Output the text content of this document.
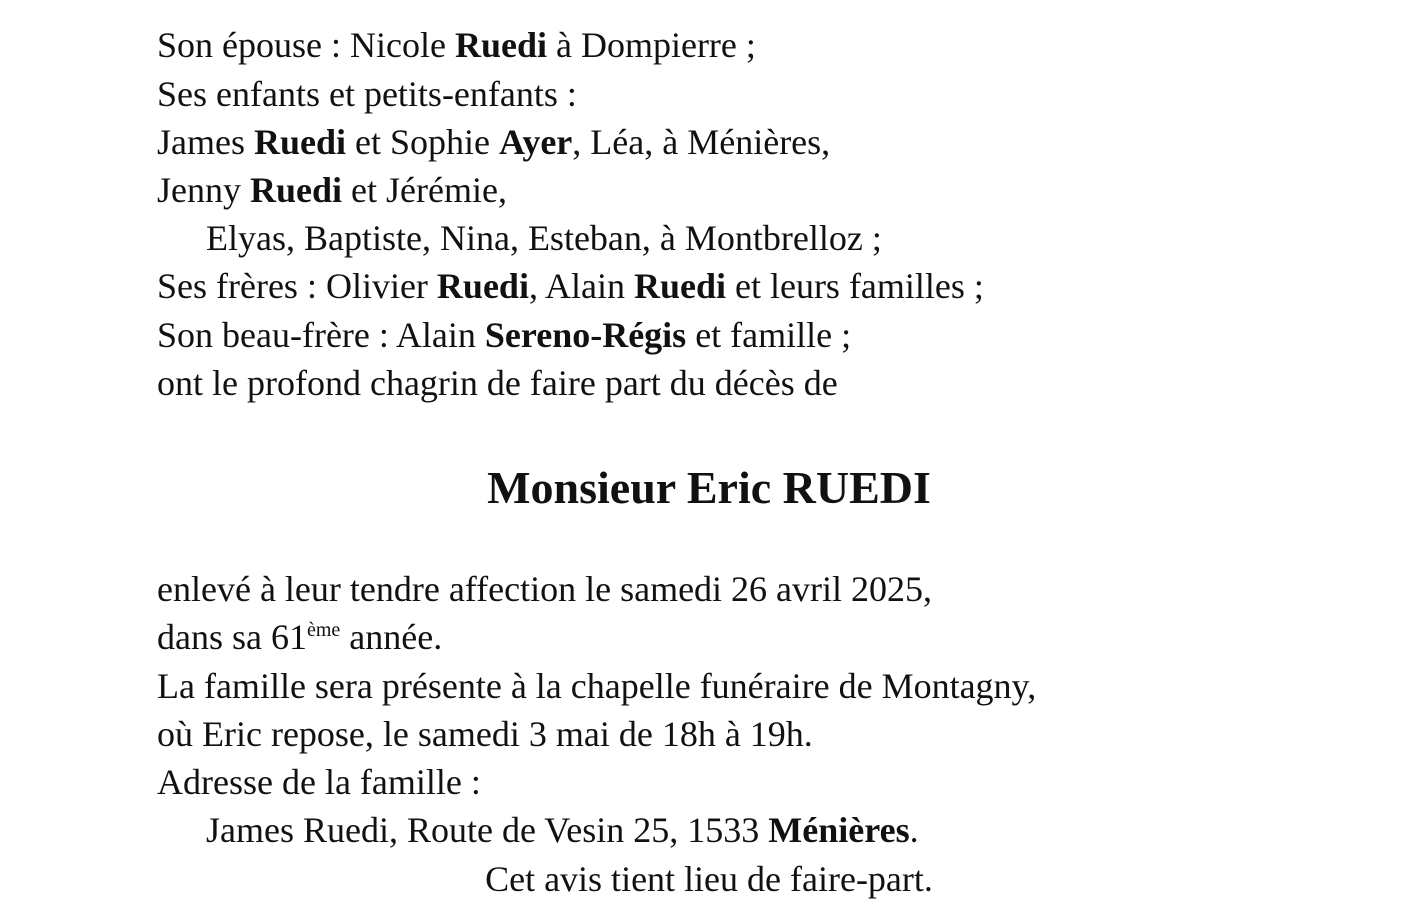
Son épouse : Nicole Ruedi à Dompierre ;
Ses enfants et petits-enfants :
James Ruedi et Sophie Ayer, Léa, à Ménières,
Jenny Ruedi et Jérémie,
Elyas, Baptiste, Nina, Esteban, à Montbrelloz ;
Ses frères : Olivier Ruedi, Alain Ruedi et leurs familles ;
Son beau-frère : Alain Sereno-Régis et famille ;
ont le profond chagrin de faire part du décès de
Monsieur Eric RUEDI
enlevé à leur tendre affection le samedi 26 avril 2025,
dans sa 61ème année.
La famille sera présente à la chapelle funéraire de Montagny,
où Eric repose, le samedi 3 mai de 18h à 19h.
Adresse de la famille :
James Ruedi, Route de Vesin 25, 1533 Ménières.
Cet avis tient lieu de faire-part.
